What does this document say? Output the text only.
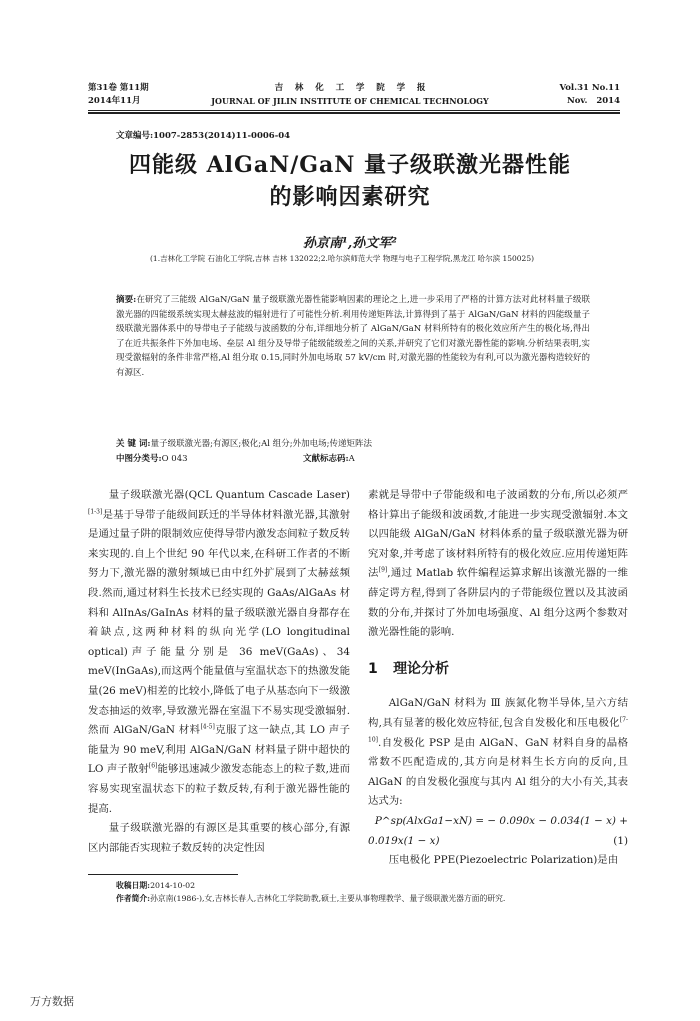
第31卷 第11期
2014年11月
吉    林    化    工    学    院    学    报
JOURNAL OF JILIN INSTITUTE OF CHEMICAL TECHNOLOGY
Vol.31 No.11
Nov.   2014
文章编号:1007-2853(2014)11-0006-04
四能级 AlGaN/GaN 量子级联激光器性能
的影响因素研究
孙京南¹,孙文军²
(1.吉林化工学院 石油化工学院,吉林 吉林 132022;2.哈尔滨师范大学 物理与电子工程学院,黑龙江 哈尔滨 150025)
摘要:在研究了三能级 AlGaN/GaN 量子级联激光器性能影响因素的理论之上,进一步采用了严格的计算方法对此材料量子级联激光器的四能级系统实现太赫兹波的辐射进行了可能性分析.利用传递矩阵法,计算得到了基于 AlGaN/GaN 材料的四能级量子级联激光器体系中的导带电子子能级与波函数的分布,详细地分析了 AlGaN/GaN 材料所特有的极化效应所产生的极化场,得出了在近共振条件下外加电场、垒层 Al 组分及导带子能级能级差之间的关系,并研究了它们对激光器性能的影响.分析结果表明,实现受激辐射的条件非常严格,Al 组分取 0.15,同时外加电场取 57 kV/cm 时,对激光器的性能较为有利,可以为激光器构造较好的有源区.
关 键 词:量子级联激光器;有源区;极化;Al 组分;外加电场;传递矩阵法
中图分类号:O 043	文献标志码:A

量子级联激光器(QCL Quantum Cascade Laser)[1-3]是基于导带子能级间跃迁的半导体材料激光器,其激射是通过量子阱的限制效应使得导带内激发态间粒子数反转来实现的.自上个世纪 90 年代以来,在科研工作者的不断努力下,激光器的激射频域已由中红外扩展到了太赫兹频段.然而,通过材料生长技术已经实现的 GaAs/AlGaAs 材料和 AlInAs/GaInAs 材料的量子级联激光器自身都存在着缺点,这两种材料的纵向光学(LO longitudinal optical)声子能量分别是 36 meV(GaAs)、34 meV(InGaAs),而这两个能量值与室温状态下的热激发能量(26 meV)相差的比较小,降低了电子从基态向下一级激发态抽运的效率,导致激光器在室温下不易实现受激辐射.然而 AlGaN/GaN 材料[4-5]克服了这一缺点,其 LO 声子能量为 90 meV,利用 AlGaN/GaN 材料量子阱中超快的 LO 声子散射[6]能够迅速减少激发态能态上的粒子数,进而容易实现室温状态下的粒子数反转,有利于激光器性能的提高.

量子级联激光器的有源区是其重要的核心部分,有源区内部能否实现粒子数反转的决定性因

素就是导带中子带能级和电子波函数的分布,所以必须严格计算出子能级和波函数,才能进一步实现受激辐射.本文以四能级 AlGaN/GaN 材料体系的量子级联激光器为研究对象,并考虑了该材料所特有的极化效应.应用传递矩阵法[9],通过 Matlab 软件编程运算求解出该激光器的一维薛定谔方程,得到了各阱层内的子带能级位置以及其波函数的分布,并探讨了外加电场强度、Al 组分这两个参数对激光器性能的影响.

1 理论分析

AlGaN/GaN 材料为 Ⅲ 族氮化物半导体,呈六方结构,具有显著的极化效应特征,包含自发极化和压电极化[7-10].自发极化 PSP 是由 AlGaN、GaN 材料自身的晶格常数不匹配造成的,其方向是材料生长方向的反向,且 AlGaN 的自发极化强度与其内 Al 组分的大小有关,其表达式为:

P^sp(AlxGa1−xN) = − 0.090x − 0.034(1 − x) +

0.019x(1 − x)	(1)

压电极化 PPE(Piezoelectric Polarization)是由

收稿日期:2014-10-02
作者简介:孙京南(1986-),女,吉林长春人,吉林化工学院助教,硕士,主要从事物理教学、量子级联激光器方面的研究.
万方数据
